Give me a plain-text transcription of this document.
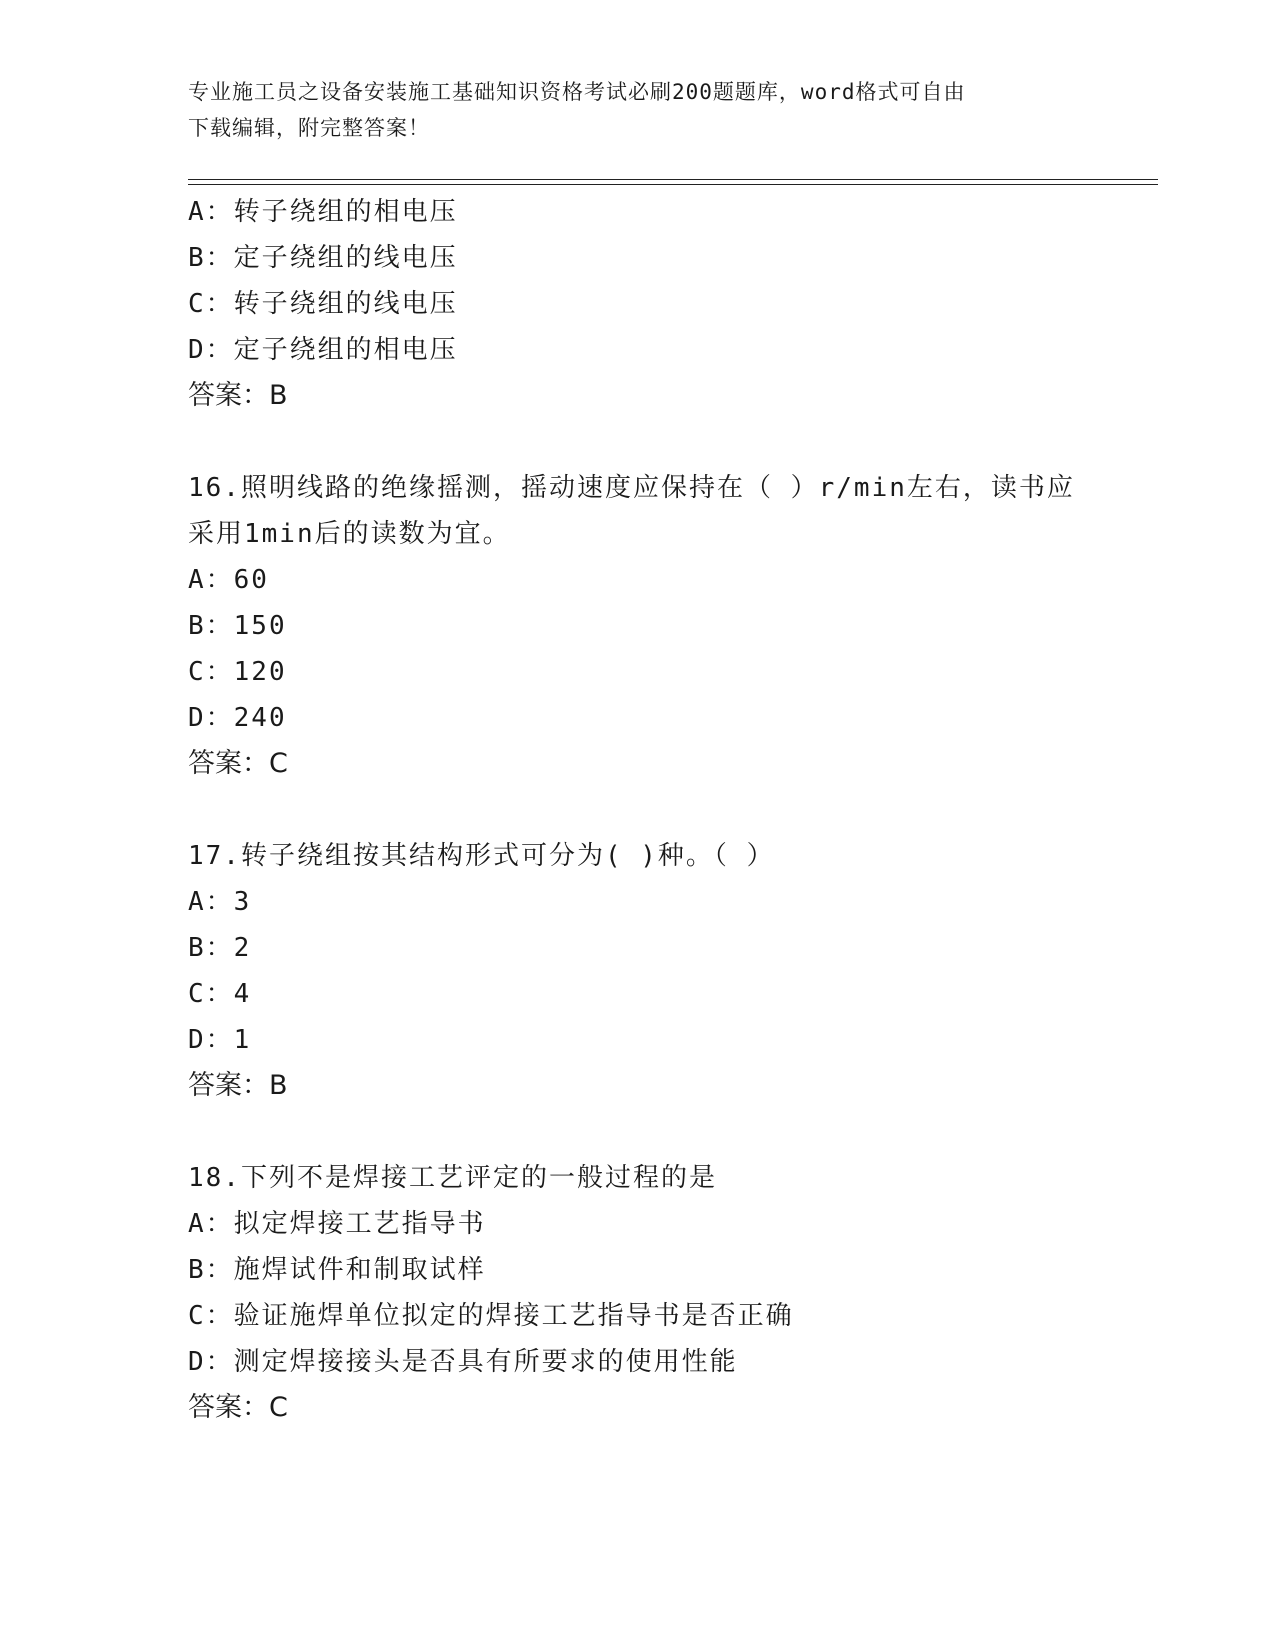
专业施工员之设备安装施工基础知识资格考试必刷200题题库，word格式可自由
下载编辑，附完整答案！
A：转子绕组的相电压
B：定子绕组的线电压
C：转子绕组的线电压
D：定子绕组的相电压
答案：B
16.照明线路的绝缘摇测，摇动速度应保持在（ ）r/min左右，读书应
采用1min后的读数为宜。
A：60
B：150
C：120
D：240
答案：C
17.转子绕组按其结构形式可分为( )种。（ ）
A：3
B：2
C：4
D：1
答案：B
18.下列不是焊接工艺评定的一般过程的是
A：拟定焊接工艺指导书
B：施焊试件和制取试样
C：验证施焊单位拟定的焊接工艺指导书是否正确
D：测定焊接接头是否具有所要求的使用性能
答案：C
